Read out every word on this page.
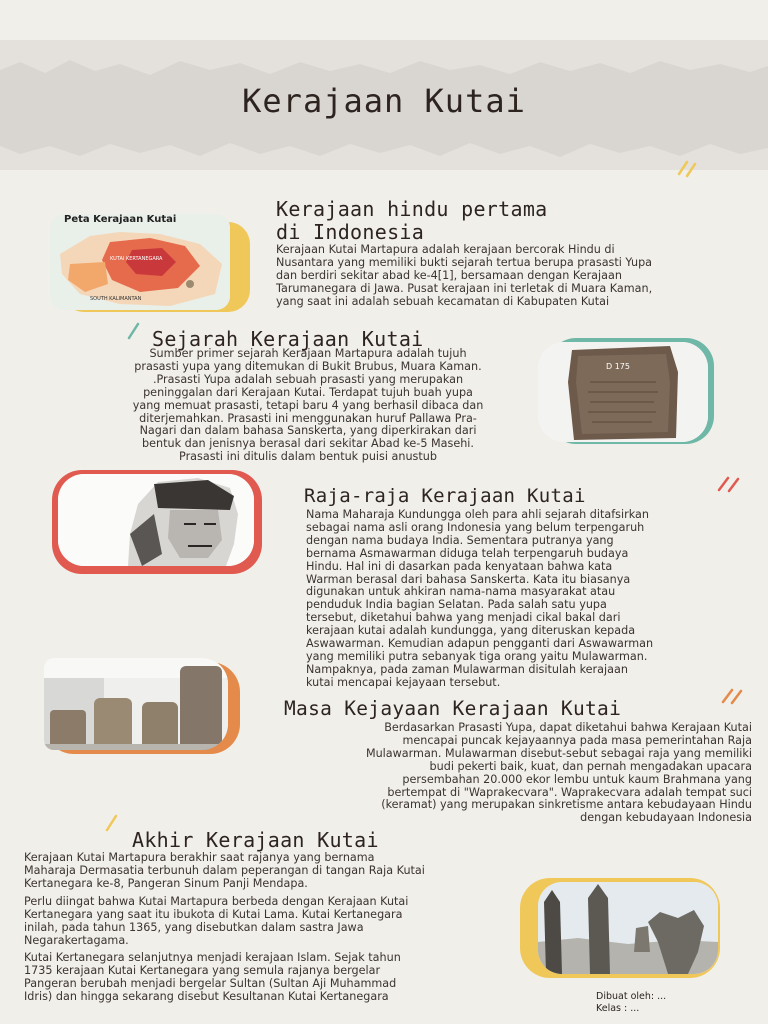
Kerajaan Kutai
Peta Kerajaan Kutai
KUTAI KERTANEGARA
SOUTH KALIMANTAN
Kerajaan hindu pertama
di Indonesia
Kerajaan Kutai Martapura adalah kerajaan bercorak Hindu di
Nusantara yang memiliki bukti sejarah tertua berupa prasasti Yupa
dan berdiri sekitar abad ke-4[1], bersamaan dengan Kerajaan
Tarumanegara di Jawa. Pusat kerajaan ini terletak di Muara Kaman,
yang saat ini adalah sebuah kecamatan di Kabupaten Kutai
Sejarah Kerajaan Kutai
Sumber primer sejarah Kerajaan Martapura adalah tujuh
prasasti yupa yang ditemukan di Bukit Brubus, Muara Kaman.
.Prasasti Yupa adalah sebuah prasasti yang merupakan
peninggalan dari Kerajaan Kutai. Terdapat tujuh buah yupa
yang memuat prasasti, tetapi baru 4 yang berhasil dibaca dan
diterjemahkan. Prasasti ini menggunakan huruf Pallawa Pra-
Nagari dan dalam bahasa Sanskerta, yang diperkirakan dari
bentuk dan jenisnya berasal dari sekitar Abad ke-5 Masehi.
Prasasti ini ditulis dalam bentuk puisi anustub
D 175
Raja-raja Kerajaan Kutai
Nama Maharaja Kundungga oleh para ahli sejarah ditafsirkan
sebagai nama asli orang Indonesia yang belum terpengaruh
dengan nama budaya India. Sementara putranya yang
bernama Asmawarman diduga telah terpengaruh budaya
Hindu. Hal ini di dasarkan pada kenyataan bahwa kata
Warman berasal dari bahasa Sanskerta. Kata itu biasanya
digunakan untuk ahkiran nama-nama masyarakat atau
penduduk India bagian Selatan. Pada salah satu yupa
tersebut, diketahui bahwa yang menjadi cikal bakal dari
kerajaan kutai adalah kundungga, yang diteruskan kepada
Aswawarman. Kemudian adapun pengganti dari Aswawarman
yang memiliki putra sebanyak tiga orang yaitu Mulawarman.
Nampaknya, pada zaman Mulawarman disitulah kerajaan
kutai mencapai kejayaan tersebut.
Masa Kejayaan Kerajaan Kutai
Berdasarkan Prasasti Yupa, dapat diketahui bahwa Kerajaan Kutai
mencapai puncak kejayaannya pada masa pemerintahan Raja
Mulawarman. Mulawarman disebut-sebut sebagai raja yang memiliki
budi pekerti baik, kuat, dan pernah mengadakan upacara
persembahan 20.000 ekor lembu untuk kaum Brahmana yang
bertempat di "Waprakecvara". Waprakecvara adalah tempat suci
(keramat) yang merupakan sinkretisme antara kebudayaan Hindu
dengan kebudayaan Indonesia
Akhir Kerajaan Kutai
Kerajaan Kutai Martapura berakhir saat rajanya yang bernama
Maharaja Dermasatia terbunuh dalam peperangan di tangan Raja Kutai
Kertanegara ke-8, Pangeran Sinum Panji Mendapa.
Perlu diingat bahwa Kutai Martapura berbeda dengan Kerajaan Kutai
Kertanegara yang saat itu ibukota di Kutai Lama. Kutai Kertanegara
inilah, pada tahun 1365, yang disebutkan dalam sastra Jawa
Negarakertagama.
Kutai Kertanegara selanjutnya menjadi kerajaan Islam. Sejak tahun
1735 kerajaan Kutai Kertanegara yang semula rajanya bergelar
Pangeran berubah menjadi bergelar Sultan (Sultan Aji Muhammad
Idris) dan hingga sekarang disebut Kesultanan Kutai Kertanegara	Dibuat oleh: ...
Kelas : ...
